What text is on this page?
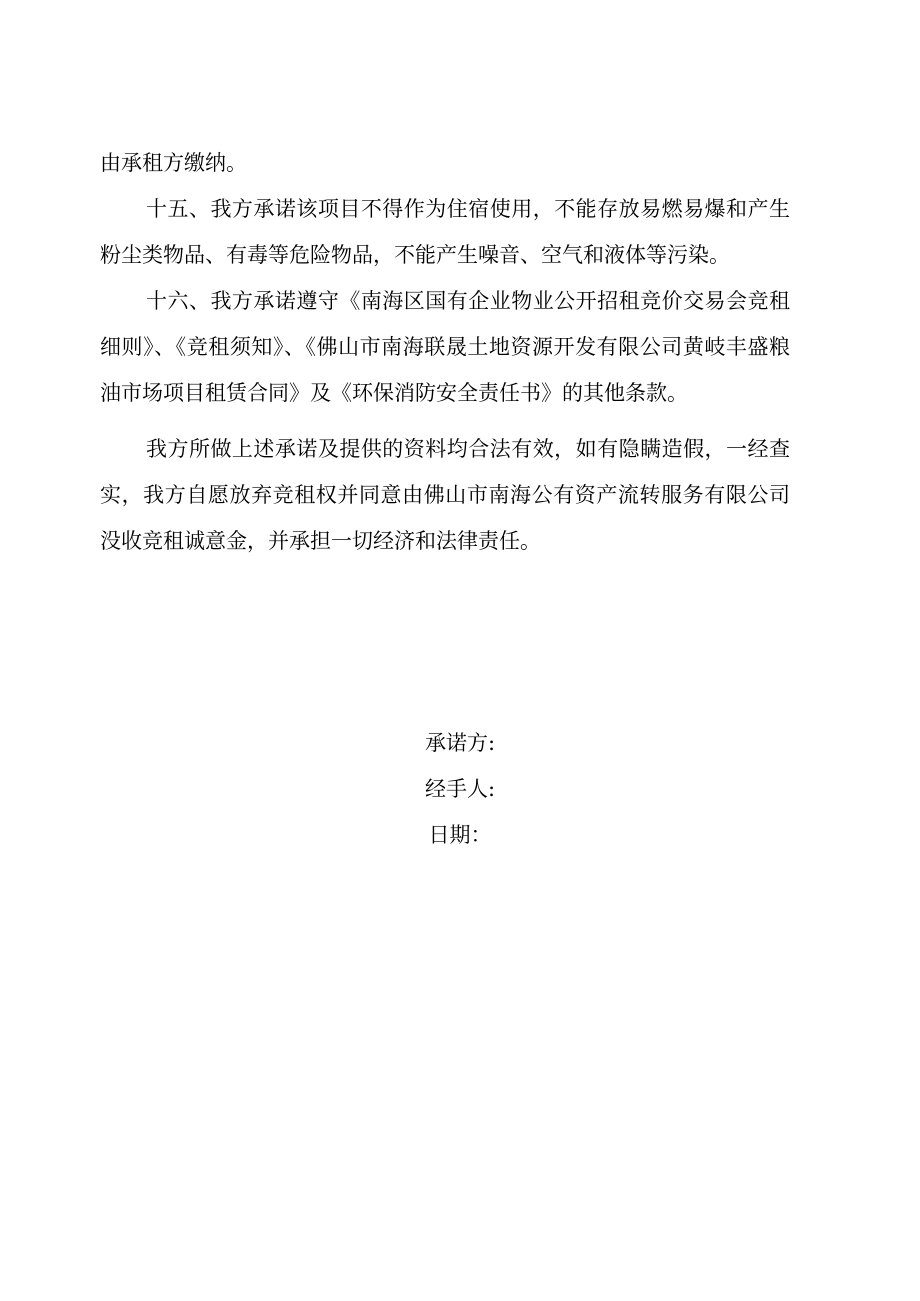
由承租方缴纳。

十五、我方承诺该项目不得作为住宿使用，不能存放易燃易爆和产生粉尘类物品、有毒等危险物品，不能产生噪音、空气和液体等污染。

十六、我方承诺遵守《南海区国有企业物业公开招租竞价交易会竞租细则》、《竞租须知》、《佛山市南海联晟土地资源开发有限公司黄岐丰盛粮油市场项目租赁合同》及《环保消防安全责任书》的其他条款。

我方所做上述承诺及提供的资料均合法有效，如有隐瞒造假，一经查实，我方自愿放弃竞租权并同意由佛山市南海公有资产流转服务有限公司没收竞租诚意金，并承担一切经济和法律责任。

承诺方:
经手人:
日期：
